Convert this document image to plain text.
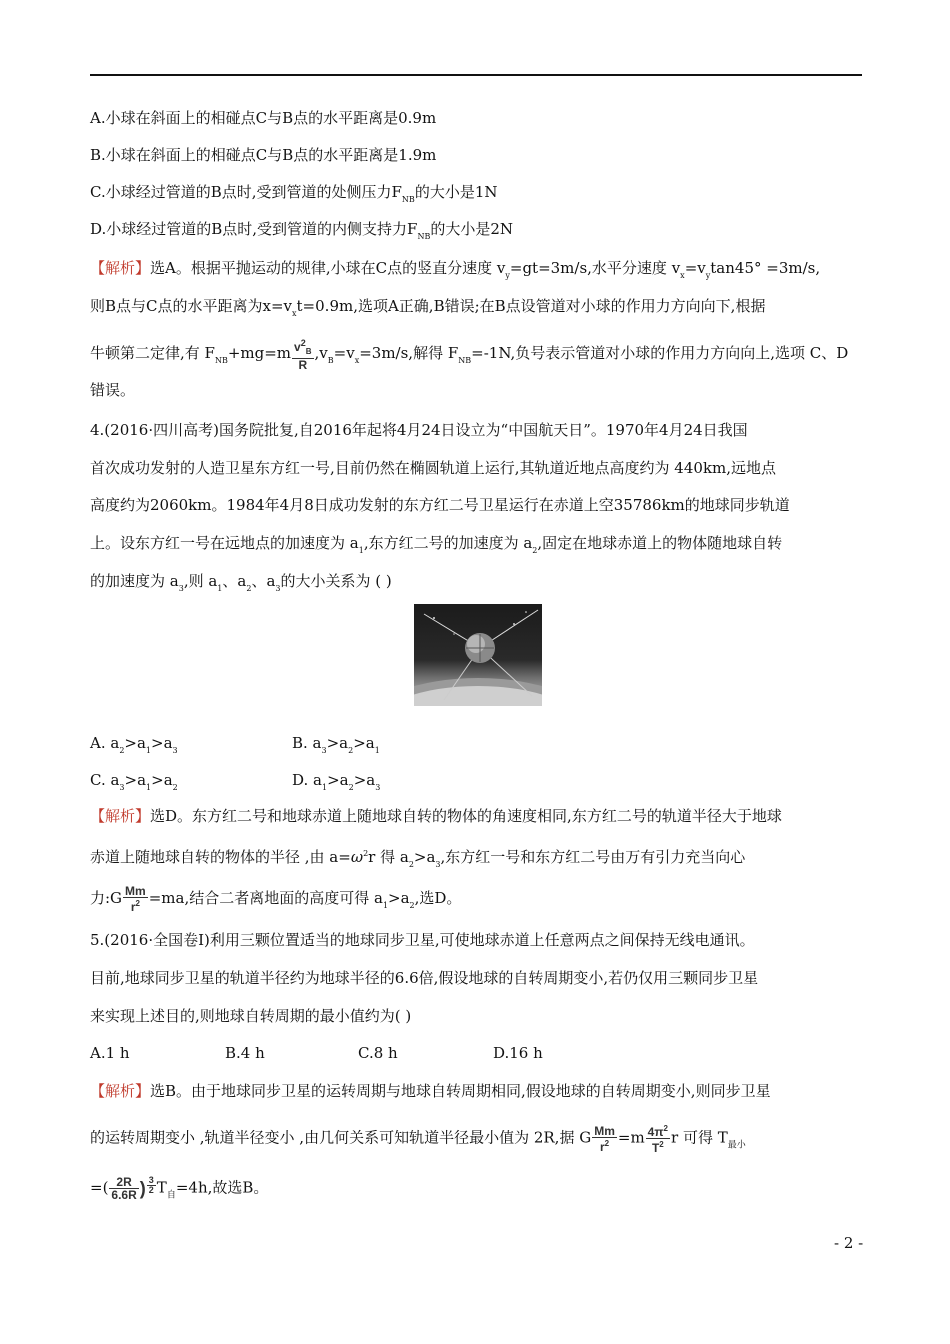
A.小球在斜面上的相碰点C与B点的水平距离是0.9m
B.小球在斜面上的相碰点C与B点的水平距离是1.9m
C.小球经过管道的B点时,受到管道的处侧压力$F_{NB}$的大小是1N
D.小球经过管道的B点时,受到管道的内侧支持力$F_{NB}$的大小是2N
【解析】选A。根据平抛运动的规律,小球在C点的竖直分速度 $v_y=gt=3m/s$,水平分速度 $v_x=v_y\tan 45^\circ =3m/s$,
则B点与C点的水平距离为$x=v_xt=0.9m$,选项A正确,B错误;在B点设管道对小球的作用力方向向下,根据
牛顿第二定律,有 $F_{NB}+mg=m \frac{v^2_B}{R} ,v_B=v_x=3m/s$,解得 $F_{NB}=-1N$,负号表示管道对小球的作用力方向向上,选项 C、D
错误。
4.(2016·四川高考)国务院批复,自2016年起将4月24日设立为“中国航天日”。1970年4月24日我国
首次成功发射的人造卫星东方红一号,目前仍然在椭圆轨道上运行,其轨道近地点高度约为 440km,远地点
高度约为2060km。1984年4月8日成功发射的东方红二号卫星运行在赤道上空35786km的地球同步轨道
上。设东方红一号在远地点的加速度为 $a_1$,东方红二号的加速度为 $a_2$,固定在地球赤道上的物体随地球自转
的加速度为 $a_3$,则 $a_1$、$a_2$、$a_3$的大小关系为 ( )
A. $a_2>a_1>a_3$	B. $a_3>a_2>a_1$
C. $a_3>a_1>a_2$	D. $a_1>a_2>a_3$
【解析】选D。东方红二号和地球赤道上随地球自转的物体的角速度相同,东方红二号的轨道半径大于地球
赤道上随地球自转的物体的半径 ,由 $a=\omega^2r$ 得 $a_2>a_3$,东方红一号和东方红二号由万有引力充当向心
力:G $\frac{Mm}{r^2} =ma$,结合二者离地面的高度可得 $a_1>a_2$,选D。
5.(2016·全国卷Ⅰ)利用三颗位置适当的地球同步卫星,可使地球赤道上任意两点之间保持无线电通讯。
目前,地球同步卫星的轨道半径约为地球半径的6.6倍,假设地球的自转周期变小,若仍仅用三颗同步卫星
来实现上述目的,则地球自转周期的最小值约为( )
A.1 h	B.4 h	C.8 h	D.16 h
【解析】选B。由于地球同步卫星的运转周期与地球自转周期相同,假设地球的自转周期变小,则同步卫星
的运转周期变小 ,轨道半径变小 ,由几何关系可知轨道半径最小值为 2R,据 G $\frac{Mm}{r^2} =m \frac{4\pi^2}{T^2}$ r 可得 $T_{最小}$
=( $\frac{2R}{6.6R}$ ) $\frac{3}{2} T_自=4h$,故选B。
- 2 -
